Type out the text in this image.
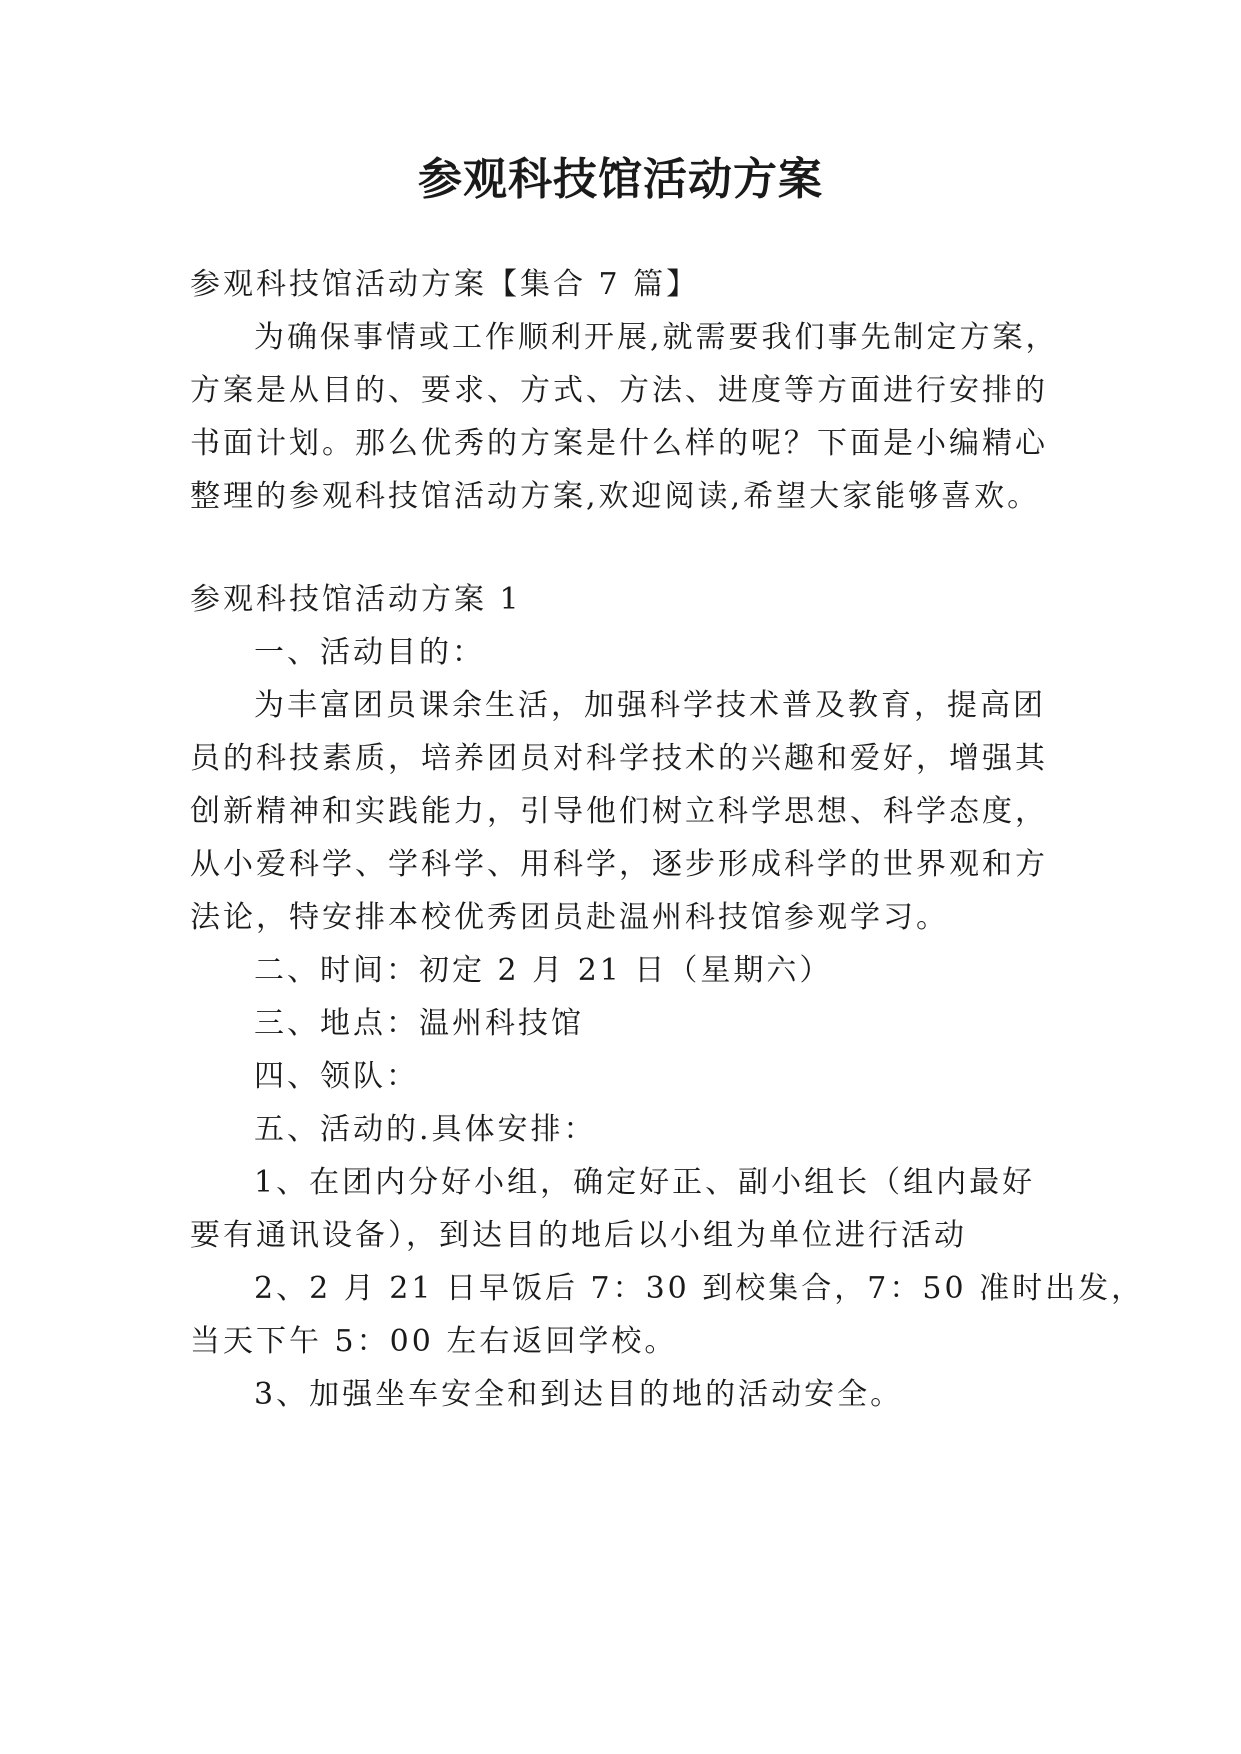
参观科技馆活动方案
参观科技馆活动方案【集合 7 篇】
为确保事情或工作顺利开展,就需要我们事先制定方案，
方案是从目的、要求、方式、方法、进度等方面进行安排的
书面计划。那么优秀的方案是什么样的呢？下面是小编精心
整理的参观科技馆活动方案,欢迎阅读,希望大家能够喜欢。
参观科技馆活动方案 1
一、活动目的：
为丰富团员课余生活，加强科学技术普及教育，提高团
员的科技素质，培养团员对科学技术的兴趣和爱好，增强其
创新精神和实践能力，引导他们树立科学思想、科学态度，
从小爱科学、学科学、用科学，逐步形成科学的世界观和方
法论，特安排本校优秀团员赴温州科技馆参观学习。
二、时间：初定 2 月 21 日（星期六）
三、地点：温州科技馆
四、领队：
五、活动的.具体安排：
1、在团内分好小组，确定好正、副小组长（组内最好
要有通讯设备），到达目的地后以小组为单位进行活动
2、2 月 21 日早饭后 7：30 到校集合，7：50 准时出发，
当天下午 5：00 左右返回学校。
3、加强坐车安全和到达目的地的活动安全。
